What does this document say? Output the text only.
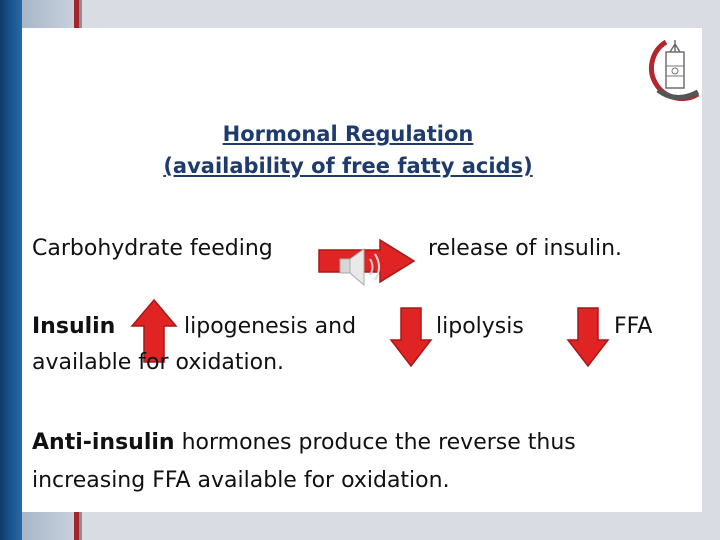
Hormonal Regulation
(availability of free fatty acids)
Carbohydrate feeding	release of insulin.
Insulin	lipogenesis and
available for oxidation.
lipolysis	FFA
Anti-insulin hormones produce the reverse thus
increasing FFA available for oxidation.
